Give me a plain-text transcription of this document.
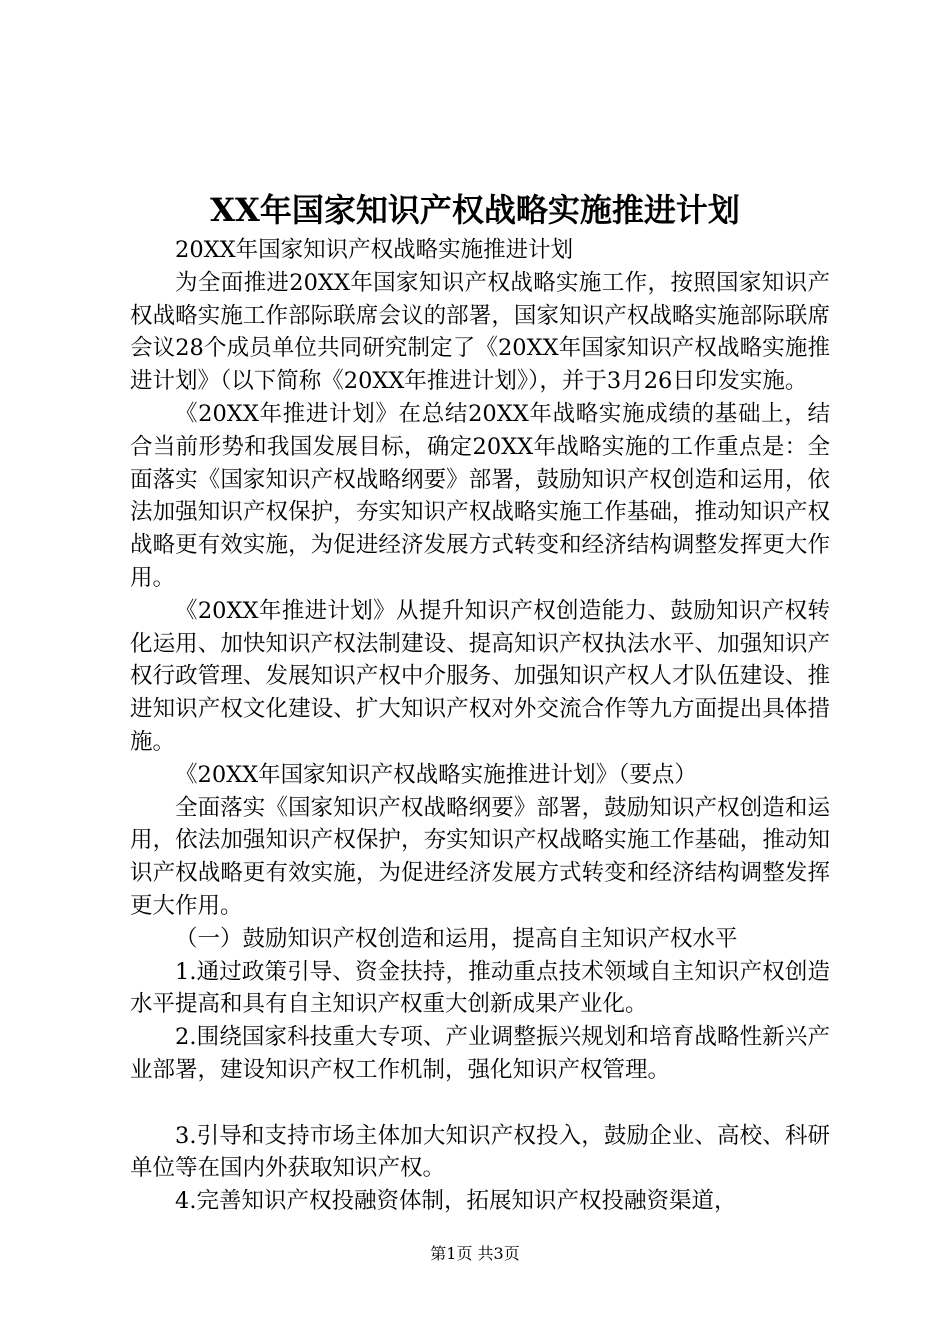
XX年国家知识产权战略实施推进计划

20XX年国家知识产权战略实施推进计划

为全面推进20XX年国家知识产权战略实施工作，按照国家知识产权战略实施工作部际联席会议的部署，国家知识产权战略实施部际联席会议28个成员单位共同研究制定了《20XX年国家知识产权战略实施推进计划》（以下简称《20XX年推进计划》），并于3月26日印发实施。

《20XX年推进计划》在总结20XX年战略实施成绩的基础上，结合当前形势和我国发展目标，确定20XX年战略实施的工作重点是：全面落实《国家知识产权战略纲要》部署，鼓励知识产权创造和运用，依法加强知识产权保护，夯实知识产权战略实施工作基础，推动知识产权战略更有效实施，为促进经济发展方式转变和经济结构调整发挥更大作用。

《20XX年推进计划》从提升知识产权创造能力、鼓励知识产权转化运用、加快知识产权法制建设、提高知识产权执法水平、加强知识产权行政管理、发展知识产权中介服务、加强知识产权人才队伍建设、推进知识产权文化建设、扩大知识产权对外交流合作等九方面提出具体措施。

《20XX年国家知识产权战略实施推进计划》（要点）

全面落实《国家知识产权战略纲要》部署，鼓励知识产权创造和运用，依法加强知识产权保护，夯实知识产权战略实施工作基础，推动知识产权战略更有效实施，为促进经济发展方式转变和经济结构调整发挥更大作用。

（一）鼓励知识产权创造和运用，提高自主知识产权水平

1.通过政策引导、资金扶持，推动重点技术领域自主知识产权创造水平提高和具有自主知识产权重大创新成果产业化。

2.围绕国家科技重大专项、产业调整振兴规划和培育战略性新兴产业部署，建设知识产权工作机制，强化知识产权管理。

3.引导和支持市场主体加大知识产权投入，鼓励企业、高校、科研单位等在国内外获取知识产权。

4.完善知识产权投融资体制，拓展知识产权投融资渠道，

第1页 共3页
